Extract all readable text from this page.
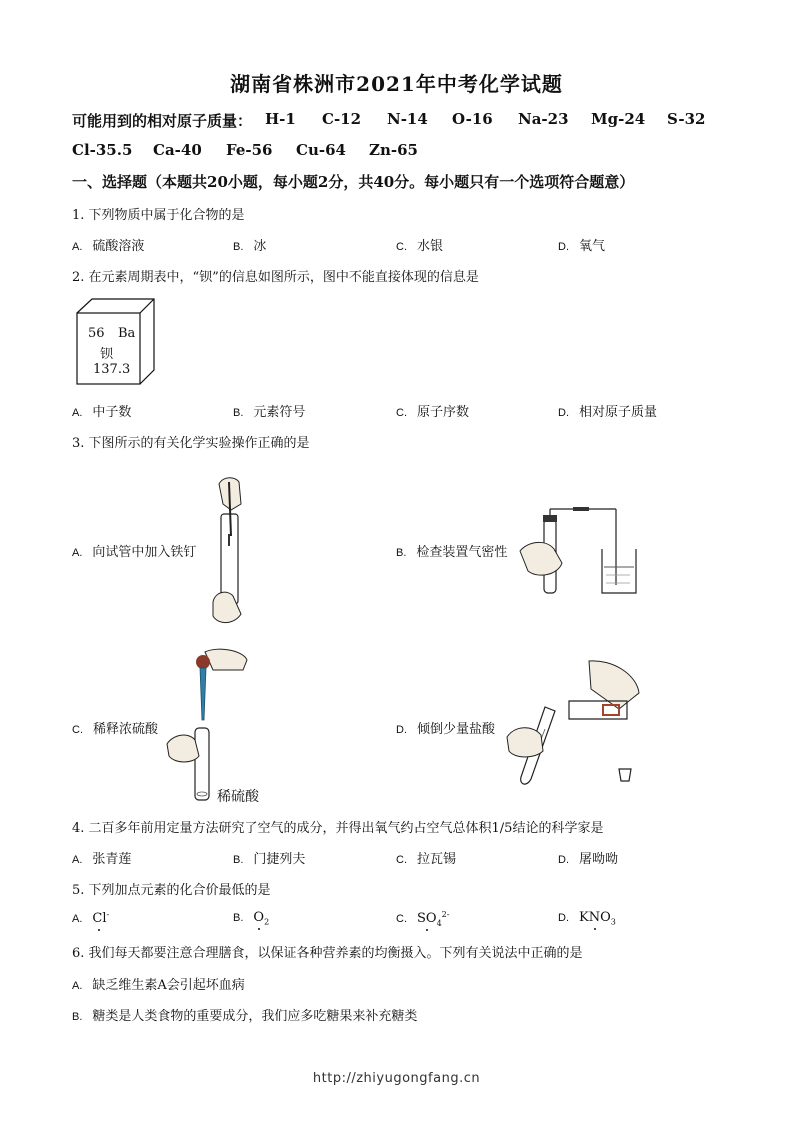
湖南省株洲市2021年中考化学试题
可能用到的相对原子质量： H-1 C-12 N-14 O-16 Na-23 Mg-24 S-32
Cl-35.5 Ca-40 Fe-56 Cu-64 Zn-65
一、选择题（本题共20小题，每小题2分，共40分。每小题只有一个选项符合题意）
1. 下列物质中属于化合物的是
A. 硫酸溶液	B. 冰	C. 水银	D. 氧气
2. 在元素周期表中，“钡”的信息如图所示，图中不能直接体现的信息是
56 Ba
钡
137.3
A. 中子数	B. 元素符号	C. 原子序数	D. 相对原子质量
3. 下图所示的有关化学实验操作正确的是
A. 向试管中加入铁钉	B. 检查装置气密性
C. 稀释浓硫酸
稀硫酸
D. 倾倒少量盐酸
4. 二百多年前用定量方法研究了空气的成分，并得出氧气约占空气总体积1/5结论的科学家是
A. 张青莲	B. 门捷列夫	C. 拉瓦锡	D. 屠呦呦
5. 下列加点元素的化合价最低的是
A. Cl-	B. $O_2$	C. $SO_4^{2-}$	D. $KNO_3$
6. 我们每天都要注意合理膳食，以保证各种营养素的均衡摄入。下列有关说法中正确的是
A. 缺乏维生素A会引起坏血病
B. 糖类是人类食物的重要成分，我们应多吃糖果来补充糖类
http://zhiyugongfang.cn
